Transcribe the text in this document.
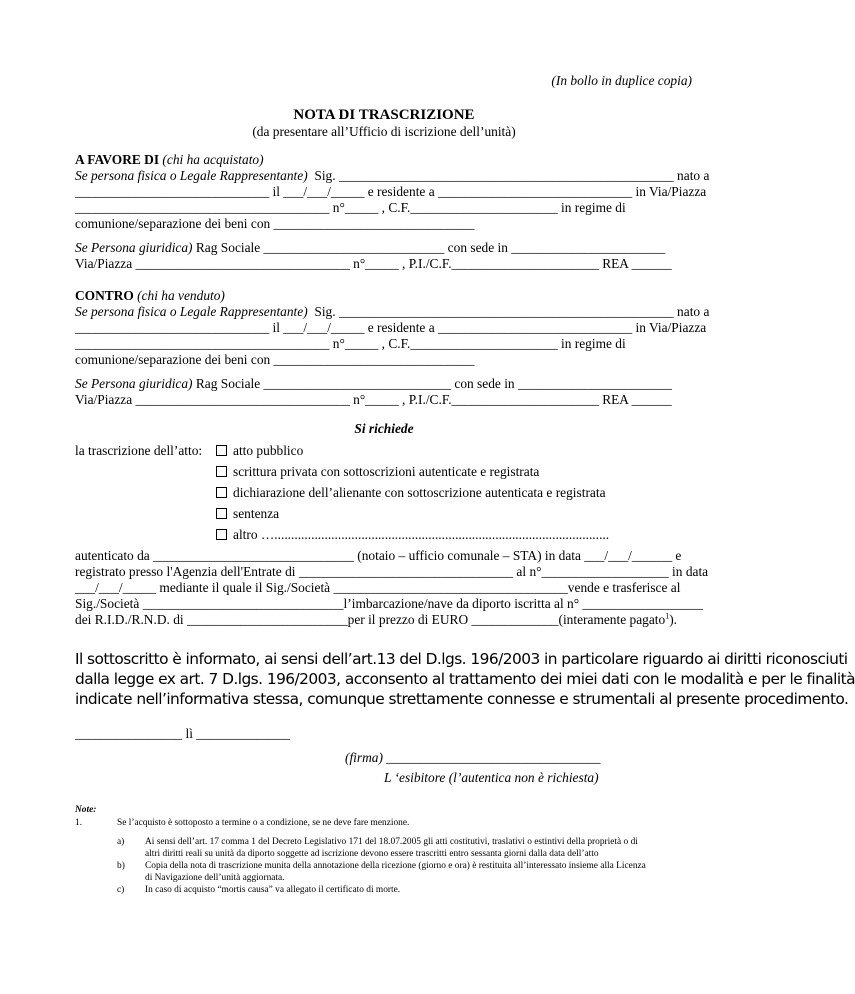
(In bollo in duplice copia)
NOTA DI TRASCRIZIONE
(da presentare all’Ufficio di iscrizione dell’unità)
A FAVORE DI (chi ha acquistato)
Se persona fisica o Legale Rappresentante)  Sig. __________________________________________________ nato a
_____________________________ il ___/___/_____ e residente a _____________________________ in Via/Piazza
______________________________________ n°_____ , C.F.______________________ in regime di
comunione/separazione dei beni con ______________________________
Se Persona giuridica) Rag Sociale ___________________________ con sede in _______________________
Via/Piazza ________________________________ n°_____ , P.I./C.F.______________________ REA ______
CONTRO (chi ha venduto)
Se persona fisica o Legale Rappresentante)  Sig. __________________________________________________ nato a
_____________________________ il ___/___/_____ e residente a _____________________________ in Via/Piazza
______________________________________ n°_____ , C.F.______________________ in regime di
comunione/separazione dei beni con ______________________________
Se Persona giuridica) Rag Sociale ____________________________ con sede in _______________________
Via/Piazza ________________________________ n°_____ , P.I./C.F.______________________ REA ______
Si richiede
la trascrizione dell’atto:	atto pubblico
scrittura privata con sottoscrizioni autenticate e registrata
dichiarazione dell’alienante con sottoscrizione autenticata e registrata
sentenza
altro …....................................................................................................
autenticato da ______________________________ (notaio – ufficio comunale – STA) in data ___/___/______ e
registrato presso l'Agenzia dell'Entrate di ________________________________ al n°___________________ in data
___/___/_____ mediante il quale il Sig./Società ___________________________________vende e trasferisce al
Sig./Società ______________________________l’imbarcazione/nave da diporto iscritta al n° __________________
dei R.I.D./R.N.D. di ________________________per il prezzo di EURO _____________(interamente pagato$^1$).
Il sottoscritto è informato, ai sensi dell’art.13 del D.lgs. 196/2003 in particolare riguardo ai diritti riconosciuti
dalla legge ex art. 7 D.lgs. 196/2003, acconsento al trattamento dei miei dati con le modalità e per le finalità
indicate nell’informativa stessa, comunque strettamente connesse e strumentali al presente procedimento.
________________ lì ______________
(firma) ________________________________
L ‘esibitore (l’autentica non è richiesta)
Note:
1.	Se l’acquisto è sottoposto a termine o a condizione, se ne deve fare menzione.
a) Ai sensi dell’art. 17 comma 1 del Decreto Legislativo 171 del 18.07.2005 gli atti costitutivi, traslativi o estintivi della proprietà o di
altri diritti reali su unità da diporto soggette ad iscrizione devono essere trascritti entro sessanta giorni dalla data dell’atto
b) Copia della nota di trascrizione munita della annotazione della ricezione (giorno e ora) è restituita all’interessato insieme alla Licenza
di Navigazione dell’unità aggiornata.
c) In caso di acquisto “mortis causa” va allegato il certificato di morte.
